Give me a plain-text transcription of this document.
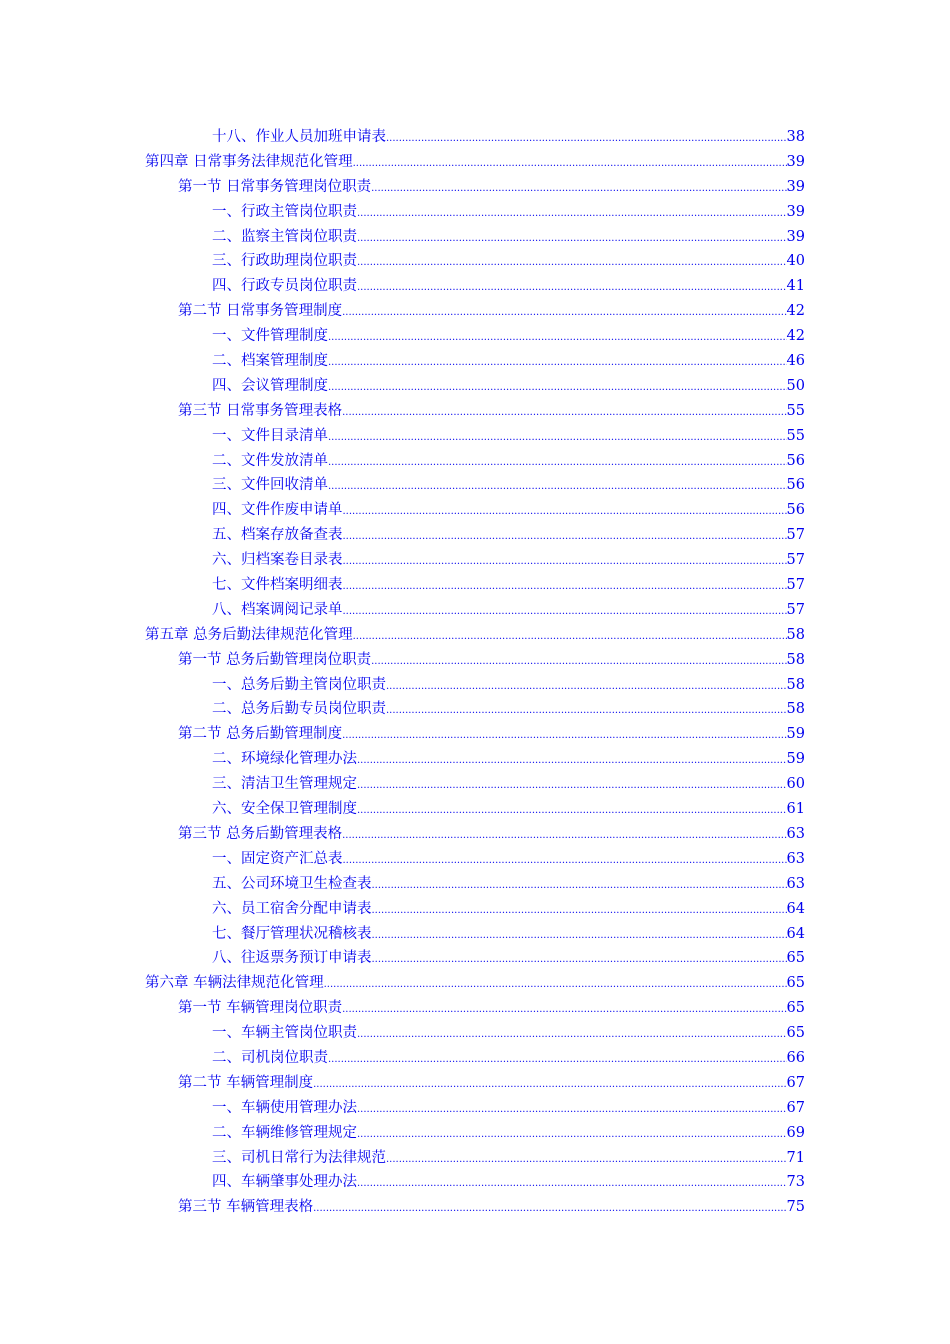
十八、作业人员加班申请表 .....	38
第四章 日常事务法律规范化管理 .....	39
第一节 日常事务管理岗位职责 .....	39
一、行政主管岗位职责 .....	39
二、监察主管岗位职责 .....	39
三、行政助理岗位职责 .....	40
四、行政专员岗位职责 .....	41
第二节 日常事务管理制度 .....	42
一、文件管理制度 .....	42
二、档案管理制度 .....	46
四、会议管理制度 .....	50
第三节 日常事务管理表格 .....	55
一、文件目录清单 .....	55
二、文件发放清单 .....	56
三、文件回收清单 .....	56
四、文件作废申请单 .....	56
五、档案存放备查表 .....	57
六、归档案卷目录表 .....	57
七、文件档案明细表 .....	57
八、档案调阅记录单 .....	57
第五章 总务后勤法律规范化管理 .....	58
第一节 总务后勤管理岗位职责 .....	58
一、总务后勤主管岗位职责 .....	58
二、总务后勤专员岗位职责 .....	58
第二节 总务后勤管理制度 .....	59
二、环境绿化管理办法 .....	59
三、清洁卫生管理规定 .....	60
六、安全保卫管理制度 .....	61
第三节 总务后勤管理表格 .....	63
一、固定资产汇总表 .....	63
五、公司环境卫生检查表 .....	63
六、员工宿舍分配申请表 .....	64
七、餐厅管理状况稽核表 .....	64
八、往返票务预订申请表 .....	65
第六章 车辆法律规范化管理 .....	65
第一节 车辆管理岗位职责 .....	65
一、车辆主管岗位职责 .....	65
二、司机岗位职责 .....	66
第二节 车辆管理制度 .....	67
一、车辆使用管理办法 .....	67
二、车辆维修管理规定 .....	69
三、司机日常行为法律规范 .....	71
四、车辆肇事处理办法 .....	73
第三节 车辆管理表格 .....	75
